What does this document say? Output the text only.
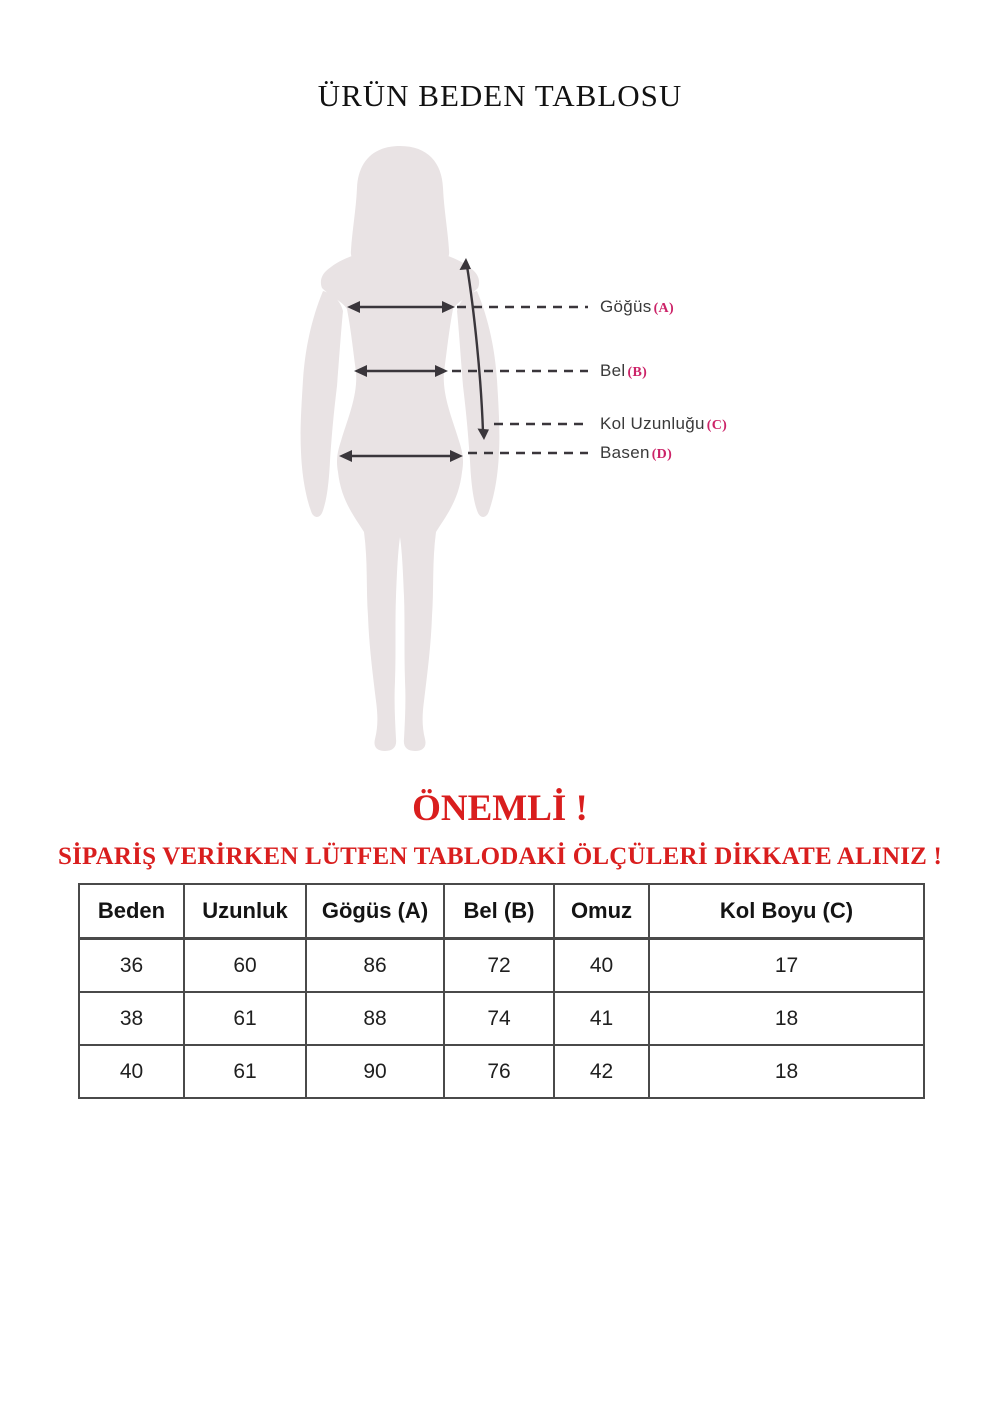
ÜRÜN BEDEN TABLOSU
Göğüs (A)
Bel (B)
Kol Uzunluğu (C)
Basen (D)
ÖNEMLİ !
SİPARİŞ VERİRKEN LÜTFEN TABLODAKİ ÖLÇÜLERİ DİKKATE ALINIZ !
Beden	Uzunluk	Gögüs (A)	Bel (B)	Omuz	Kol Boyu (C)
36	60	86	72	40	17
38	61	88	74	41	18
40	61	90	76	42	18
